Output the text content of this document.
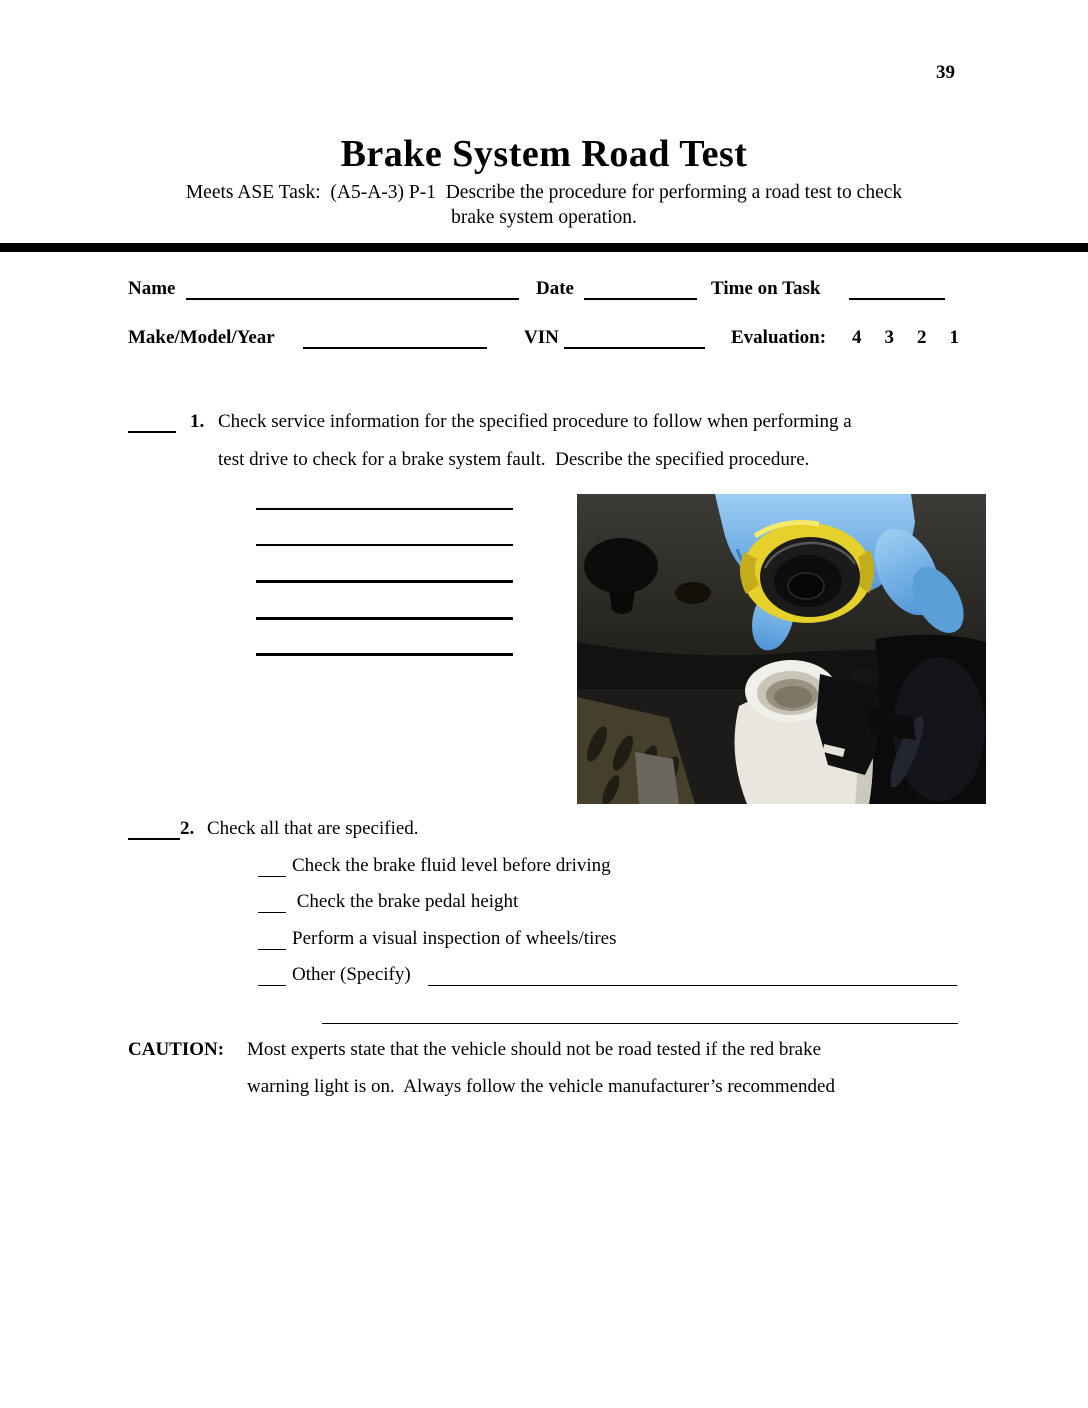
39
Brake System Road Test
Meets ASE Task:  (A5-A-3) P-1  Describe the procedure for performing a road test to check
brake system operation.
Name	Date	Time on Task
Make/Model/Year	VIN	Evaluation: 4 3 2 1
1. Check service information for the specified procedure to follow when performing a
test drive to check for a brake system fault.  Describe the specified procedure.
2. Check all that are specified.
Check the brake fluid level before driving
Check the brake pedal height
Perform a visual inspection of wheels/tires
Other (Specify)
CAUTION: Most experts state that the vehicle should not be road tested if the red brake
warning light is on.  Always follow the vehicle manufacturer’s recommended
